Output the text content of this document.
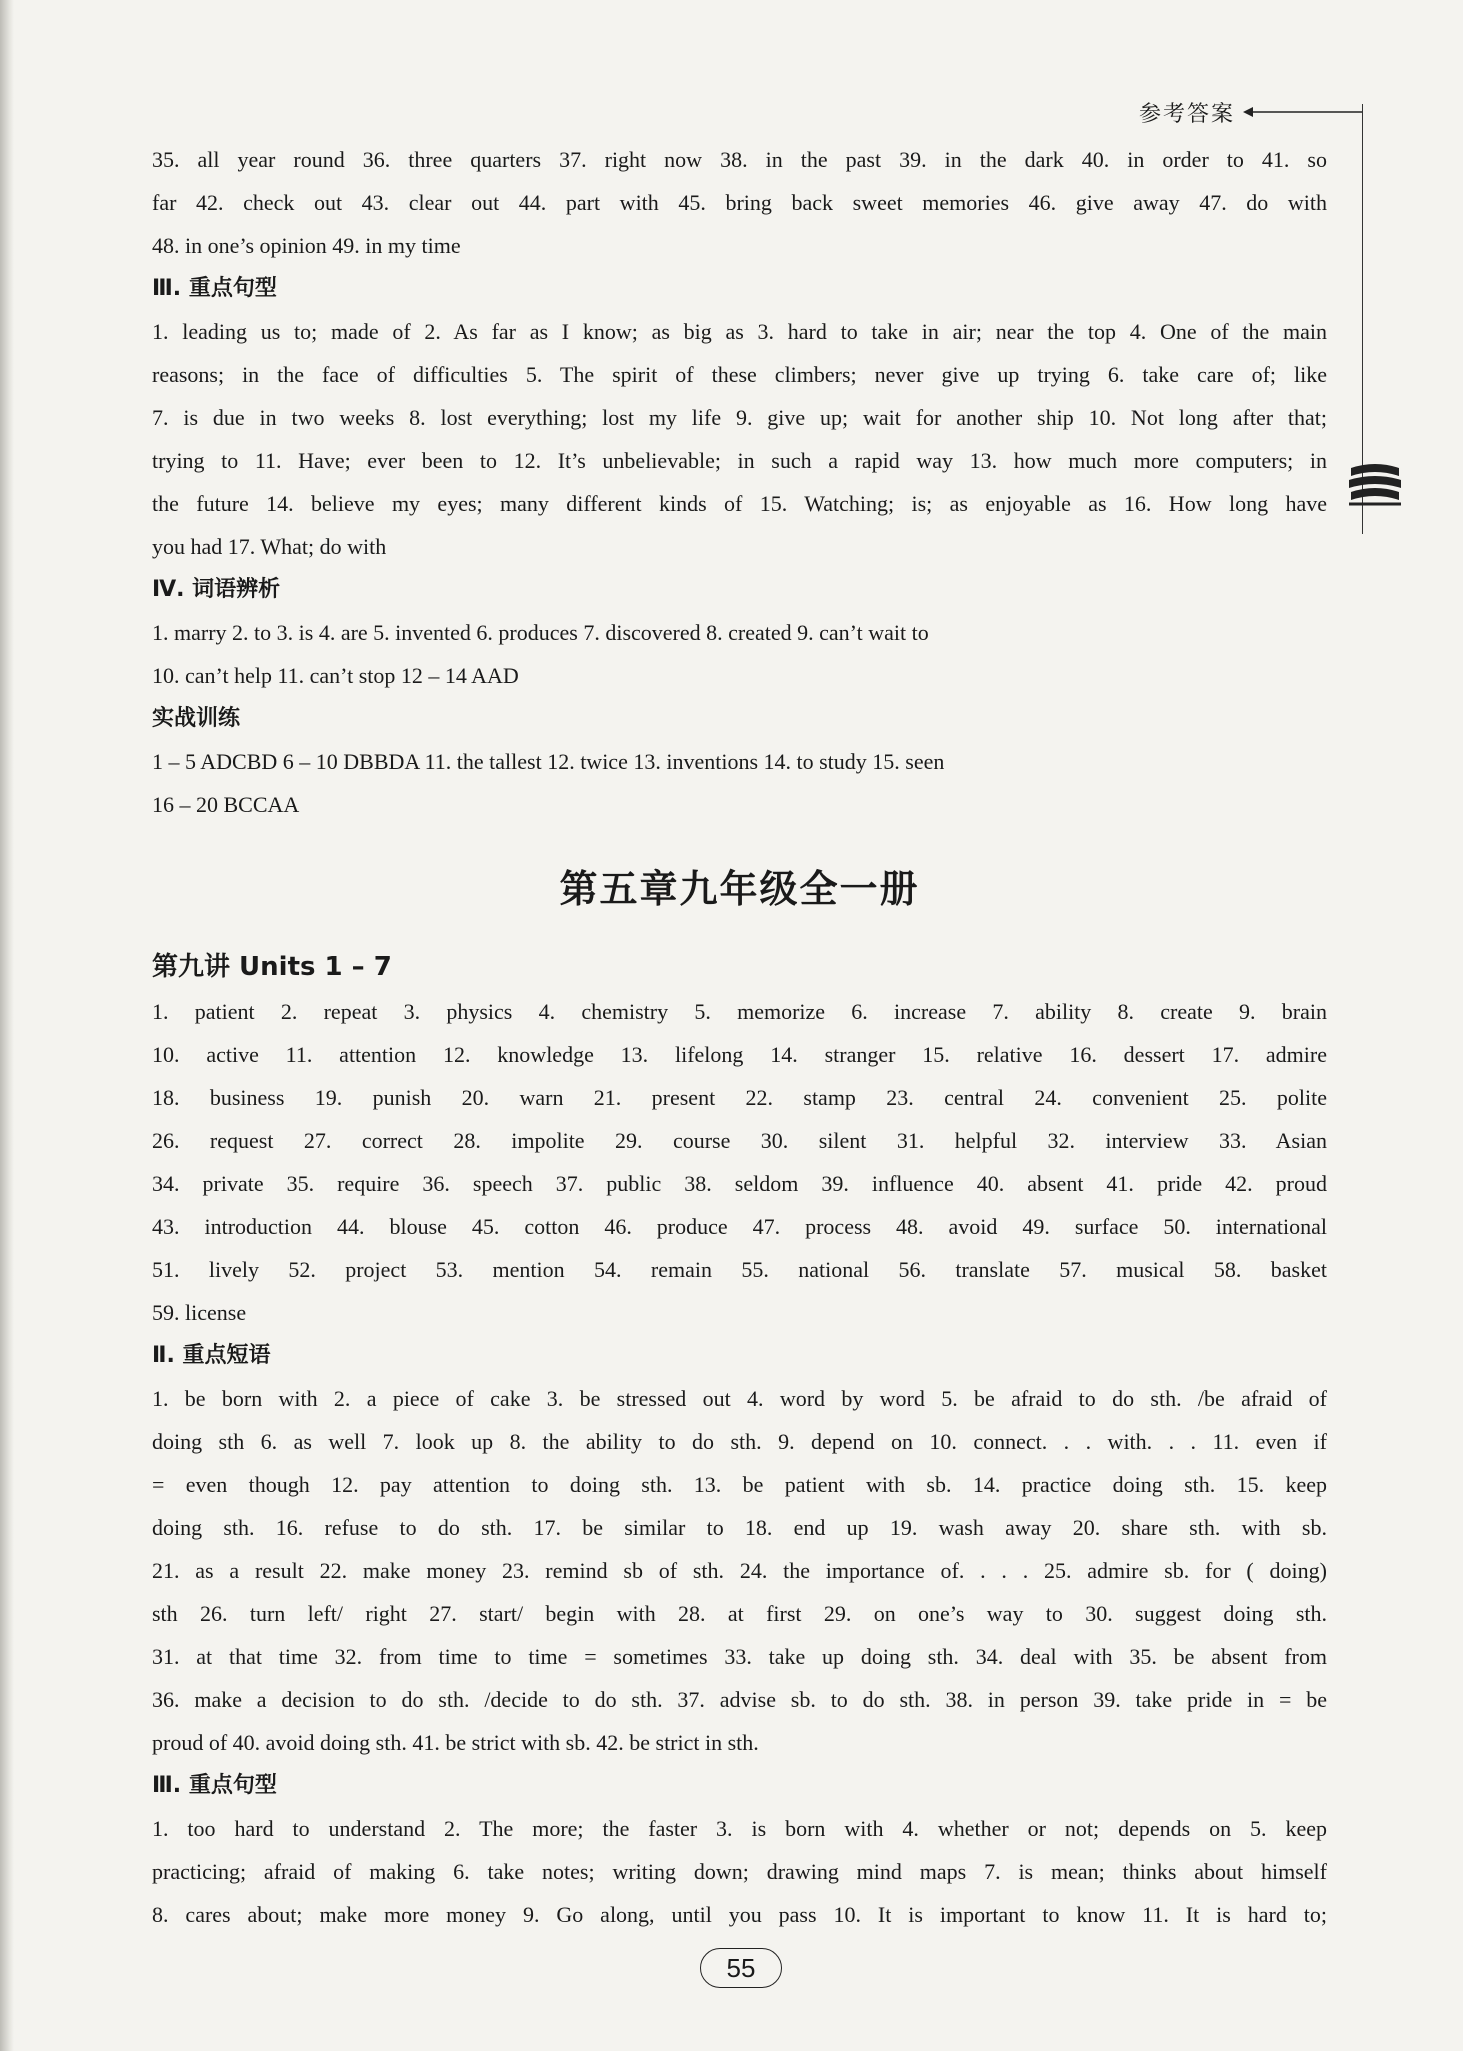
参考答案
35. all year round 36. three quarters 37. right now 38. in the past 39. in the dark 40. in order to 41. so
far 42. check out 43. clear out 44. part with 45. bring back sweet memories 46. give away 47. do with
48. in one’s opinion 49. in my time
Ⅲ. 重点句型
1. leading us to; made of 2. As far as I know; as big as 3. hard to take in air; near the top 4. One of the main
reasons; in the face of difficulties 5. The spirit of these climbers; never give up trying 6. take care of; like
7. is due in two weeks 8. lost everything; lost my life 9. give up; wait for another ship 10. Not long after that;
trying to 11. Have; ever been to 12. It’s unbelievable; in such a rapid way 13. how much more computers; in
the future 14. believe my eyes; many different kinds of 15. Watching; is; as enjoyable as 16. How long have
you had 17. What; do with
Ⅳ. 词语辨析
1. marry 2. to 3. is 4. are 5. invented 6. produces 7. discovered 8. created 9. can’t wait to
10. can’t help 11. can’t stop 12 – 14 AAD
实战训练
1 – 5 ADCBD 6 – 10 DBBDA 11. the tallest 12. twice 13. inventions 14. to study 15. seen
16 – 20 BCCAA
第五章九年级全一册
第九讲 Units 1 – 7
1. patient 2. repeat 3. physics 4. chemistry 5. memorize 6. increase 7. ability 8. create 9. brain
10. active 11. attention 12. knowledge 13. lifelong 14. stranger 15. relative 16. dessert 17. admire
18. business 19. punish 20. warn 21. present 22. stamp 23. central 24. convenient 25. polite
26. request 27. correct 28. impolite 29. course 30. silent 31. helpful 32. interview 33. Asian
34. private 35. require 36. speech 37. public 38. seldom 39. influence 40. absent 41. pride 42. proud
43. introduction 44. blouse 45. cotton 46. produce 47. process 48. avoid 49. surface 50. international
51. lively 52. project 53. mention 54. remain 55. national 56. translate 57. musical 58. basket
59. license
Ⅱ. 重点短语
1. be born with 2. a piece of cake 3. be stressed out 4. word by word 5. be afraid to do sth. /be afraid of
doing sth 6. as well 7. look up 8. the ability to do sth. 9. depend on 10. connect. . . with. . . 11. even if
= even though 12. pay attention to doing sth. 13. be patient with sb. 14. practice doing sth. 15. keep
doing sth. 16. refuse to do sth. 17. be similar to 18. end up 19. wash away 20. share sth. with sb.
21. as a result 22. make money 23. remind sb of sth. 24. the importance of. . . . 25. admire sb. for ( doing)
sth 26. turn left/ right 27. start/ begin with 28. at first 29. on one’s way to 30. suggest doing sth.
31. at that time 32. from time to time = sometimes 33. take up doing sth. 34. deal with 35. be absent from
36. make a decision to do sth. /decide to do sth. 37. advise sb. to do sth. 38. in person 39. take pride in = be
proud of 40. avoid doing sth. 41. be strict with sb. 42. be strict in sth.
Ⅲ. 重点句型
1. too hard to understand 2. The more; the faster 3. is born with 4. whether or not; depends on 5. keep
practicing; afraid of making 6. take notes; writing down; drawing mind maps 7. is mean; thinks about himself
8. cares about; make more money 9. Go along, until you pass 10. It is important to know 11. It is hard to;
55
